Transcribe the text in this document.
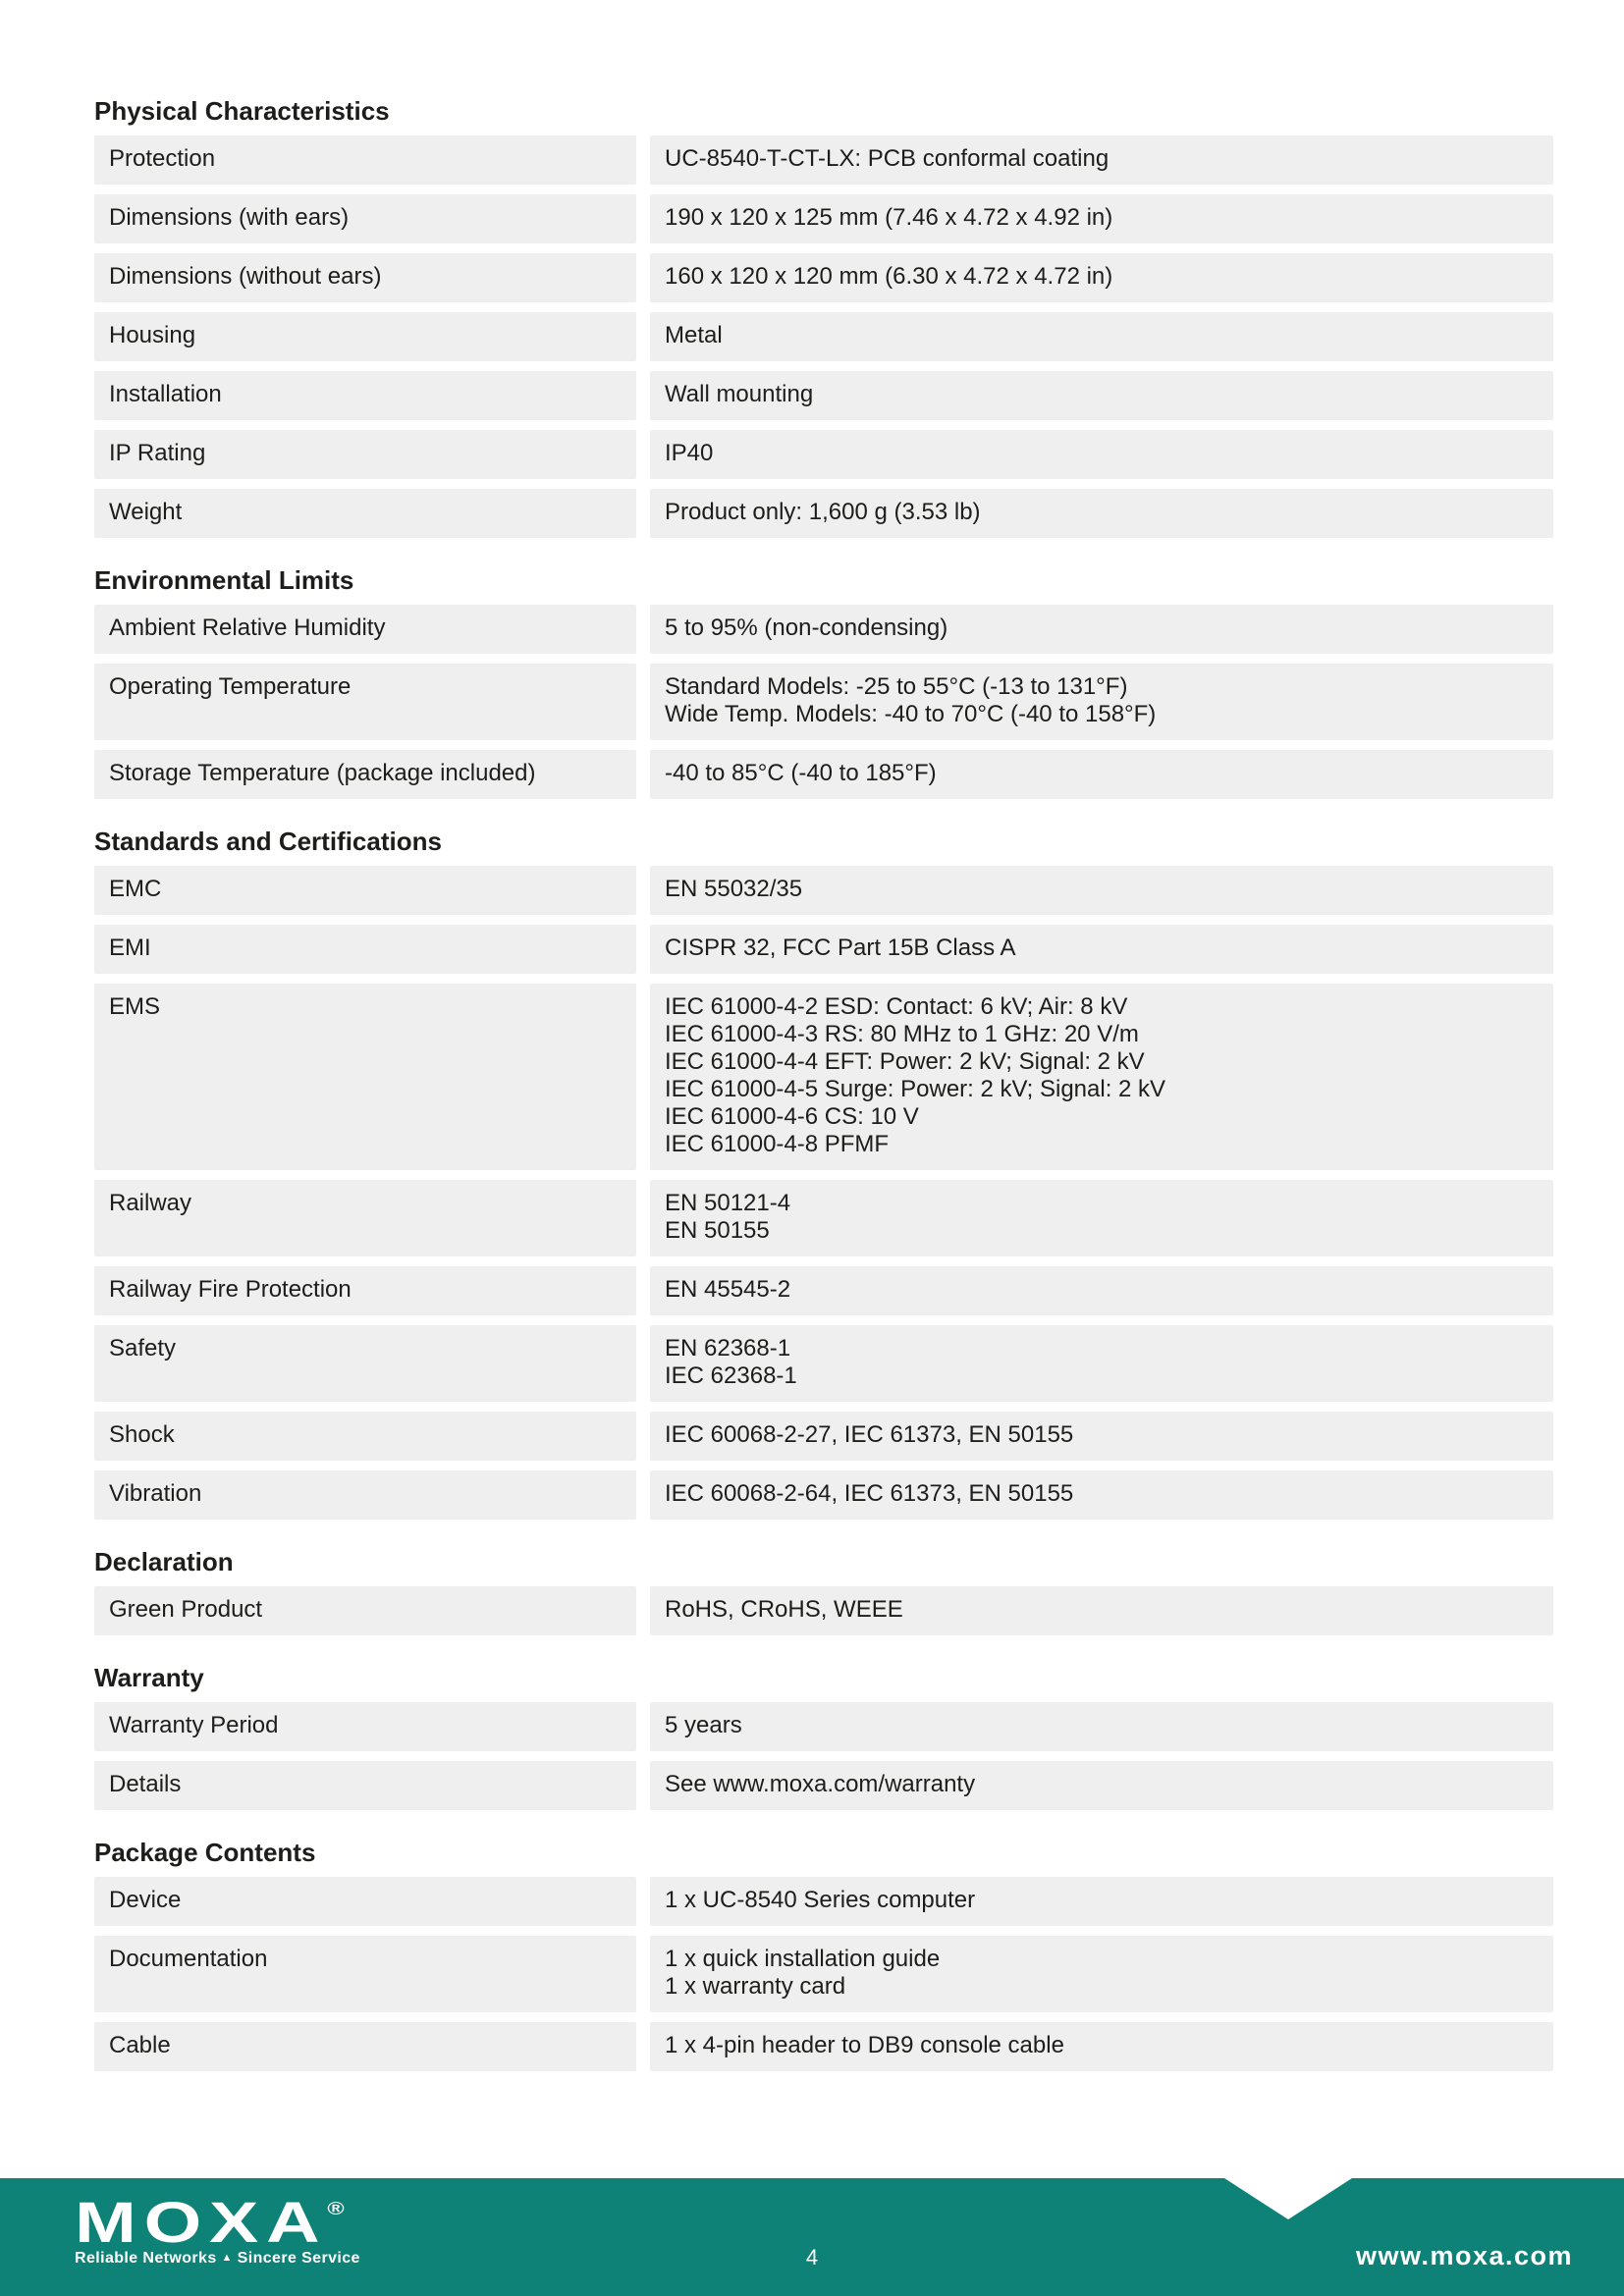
Physical Characteristics
Protection	UC-8540-T-CT-LX: PCB conformal coating
Dimensions (with ears)	190 x 120 x 125 mm (7.46 x 4.72 x 4.92 in)
Dimensions (without ears)	160 x 120 x 120 mm (6.30 x 4.72 x 4.72 in)
Housing	Metal
Installation	Wall mounting
IP Rating	IP40
Weight	Product only: 1,600 g (3.53 lb)
Environmental Limits
Ambient Relative Humidity	5 to 95% (non-condensing)
Operating Temperature	Standard Models: -25 to 55°C (-13 to 131°F)
Wide Temp. Models: -40 to 70°C (-40 to 158°F)
Storage Temperature (package included)	-40 to 85°C (-40 to 185°F)
Standards and Certifications
EMC	EN 55032/35
EMI	CISPR 32, FCC Part 15B Class A
EMS	IEC 61000-4-2 ESD: Contact: 6 kV; Air: 8 kV
IEC 61000-4-3 RS: 80 MHz to 1 GHz: 20 V/m
IEC 61000-4-4 EFT: Power: 2 kV; Signal: 2 kV
IEC 61000-4-5 Surge: Power: 2 kV; Signal: 2 kV
IEC 61000-4-6 CS: 10 V
IEC 61000-4-8 PFMF
Railway	EN 50121-4
EN 50155
Railway Fire Protection	EN 45545-2
Safety	EN 62368-1
IEC 62368-1
Shock	IEC 60068-2-27, IEC 61373, EN 50155
Vibration	IEC 60068-2-64, IEC 61373, EN 50155
Declaration
Green Product	RoHS, CRoHS, WEEE
Warranty
Warranty Period	5 years
Details	See www.moxa.com/warranty
Package Contents
Device	1 x UC-8540 Series computer
Documentation	1 x quick installation guide
1 x warranty card
Cable	1 x 4-pin header to DB9 console cable
MOXA®
Reliable Networks ▲ Sincere Service	4	www.moxa.com
